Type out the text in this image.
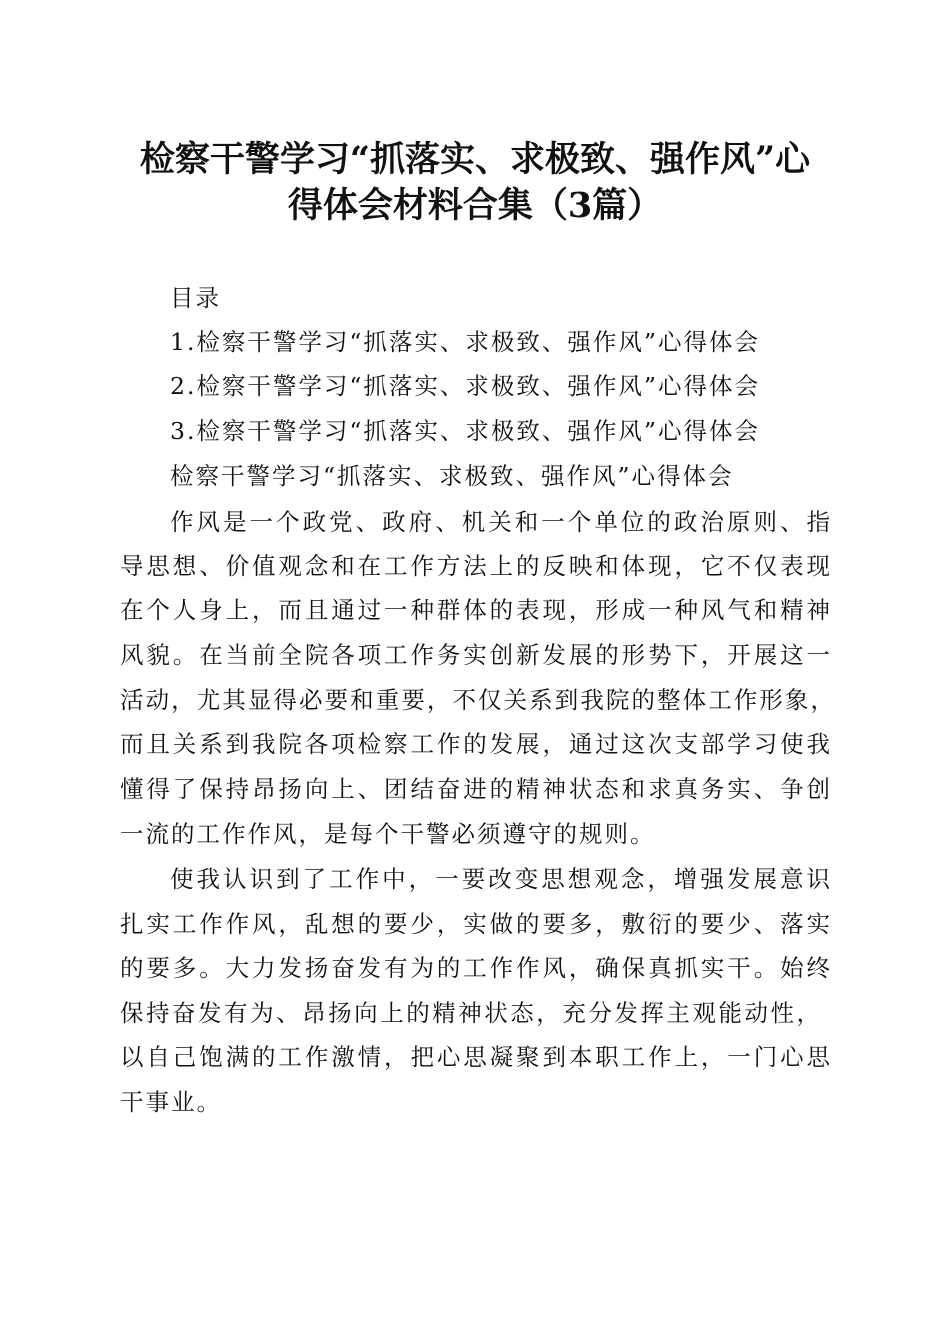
检察干警学习“抓落实、求极致、强作风”心
得体会材料合集（3篇）
目录
1.检察干警学习“抓落实、求极致、强作风”心得体会
2.检察干警学习“抓落实、求极致、强作风”心得体会
3.检察干警学习“抓落实、求极致、强作风”心得体会
检察干警学习“抓落实、求极致、强作风”心得体会
作风是一个政党、政府、机关和一个单位的政治原则、指
导思想、价值观念和在工作方法上的反映和体现，它不仅表现
在个人身上，而且通过一种群体的表现，形成一种风气和精神
风貌。在当前全院各项工作务实创新发展的形势下，开展这一
活动，尤其显得必要和重要，不仅关系到我院的整体工作形象，
而且关系到我院各项检察工作的发展，通过这次支部学习使我
懂得了保持昂扬向上、团结奋进的精神状态和求真务实、争创
一流的工作作风，是每个干警必须遵守的规则。
使我认识到了工作中，一要改变思想观念，增强发展意识
扎实工作作风，乱想的要少，实做的要多，敷衍的要少、落实
的要多。大力发扬奋发有为的工作作风，确保真抓实干。始终
保持奋发有为、昂扬向上的精神状态，充分发挥主观能动性，
以自己饱满的工作激情，把心思凝聚到本职工作上，一门心思
干事业。
